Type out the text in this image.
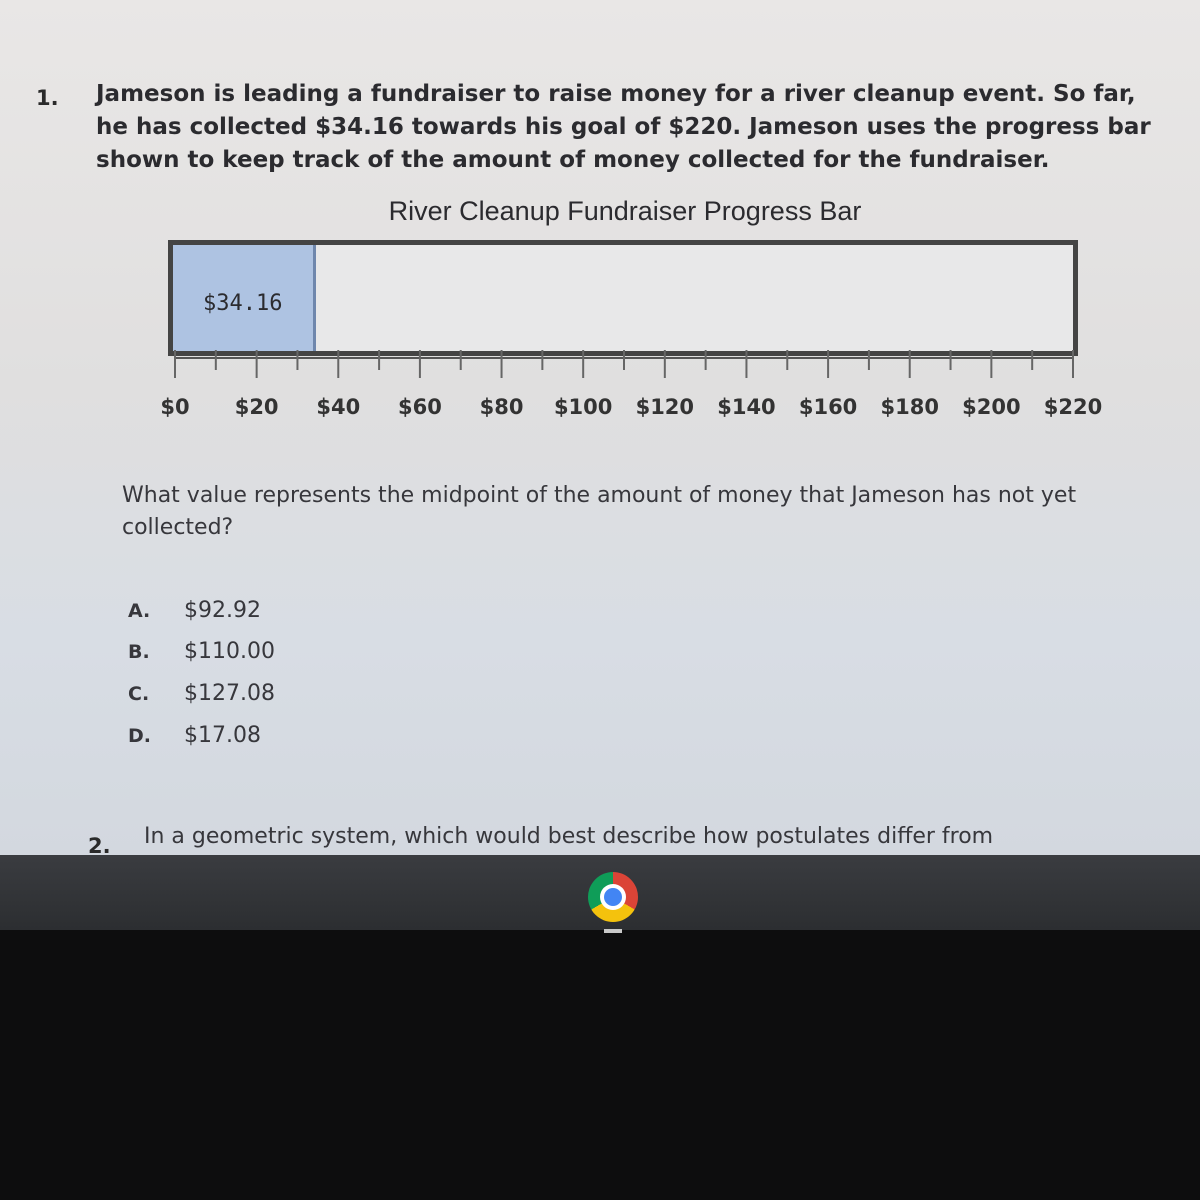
1. Jameson is leading a fundraiser to raise money for a river cleanup event. So far, he has collected $34.16 towards his goal of $220. Jameson uses the progress bar shown to keep track of the amount of money collected for the fundraiser.
River Cleanup Fundraiser Progress Bar
$34.16
$0 $20 $40 $60 $80 $100 $120 $140 $160 $180 $200 $220
What value represents the midpoint of the amount of money that Jameson has not yet collected?
A. $92.92
B. $110.00
C. $127.08
D. $17.08
2. In a geometric system, which would best describe how postulates differ from
